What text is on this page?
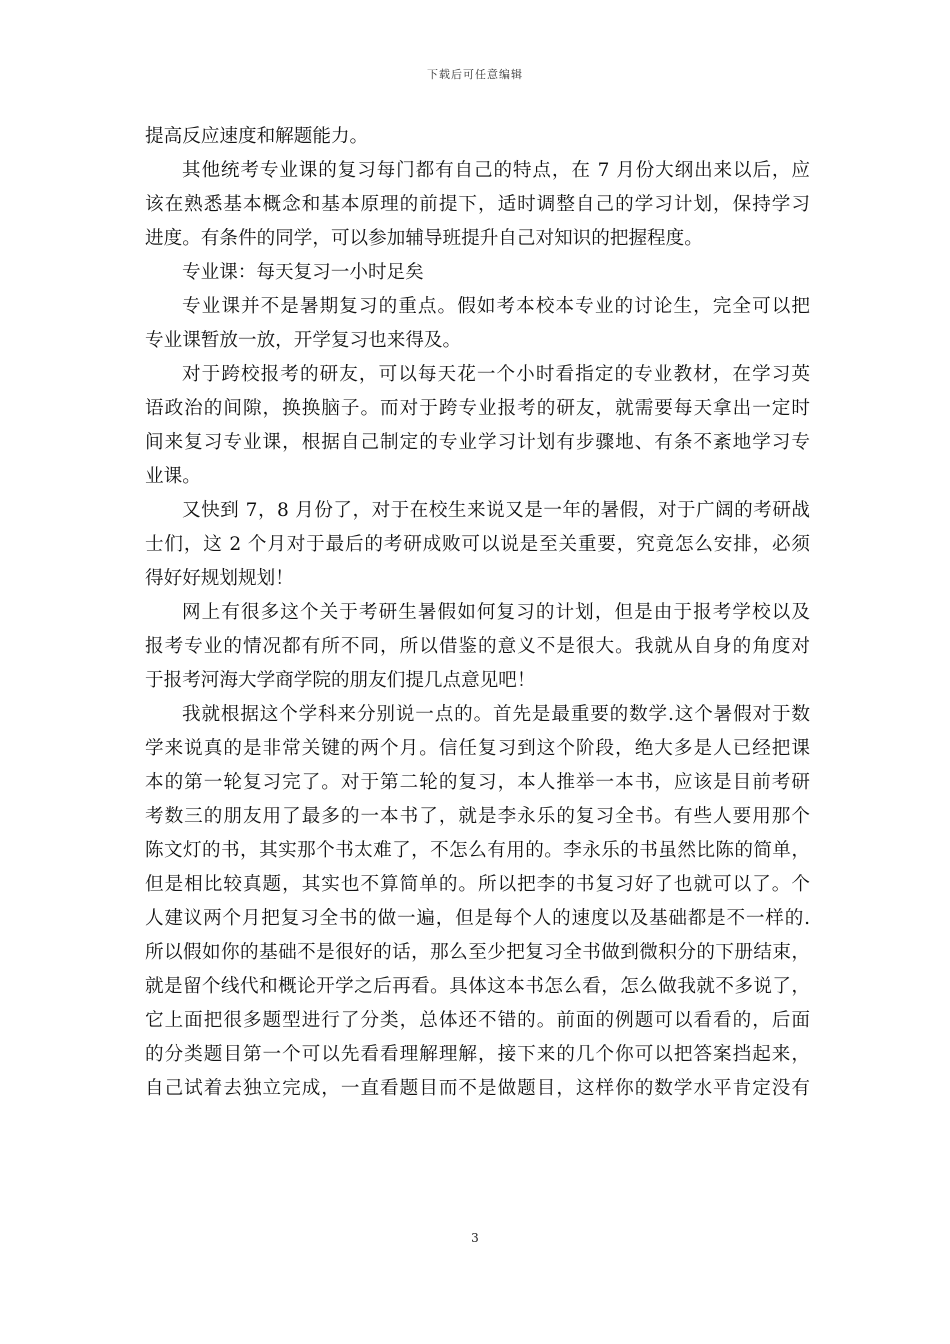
下载后可任意编辑
提高反应速度和解题能力。
其他统考专业课的复习每门都有自己的特点，在 7 月份大纲出来以后，应
该在熟悉基本概念和基本原理的前提下，适时调整自己的学习计划，保持学习
进度。有条件的同学，可以参加辅导班提升自己对知识的把握程度。
专业课：每天复习一小时足矣
专业课并不是暑期复习的重点。假如考本校本专业的讨论生，完全可以把
专业课暂放一放，开学复习也来得及。
对于跨校报考的研友，可以每天花一个小时看指定的专业教材，在学习英
语政治的间隙，换换脑子。而对于跨专业报考的研友，就需要每天拿出一定时
间来复习专业课，根据自己制定的专业学习计划有步骤地、有条不紊地学习专
业课。
又快到 7，8 月份了，对于在校生来说又是一年的暑假，对于广阔的考研战
士们，这 2 个月对于最后的考研成败可以说是至关重要，究竟怎么安排，必须
得好好规划规划！
网上有很多这个关于考研生暑假如何复习的计划，但是由于报考学校以及
报考专业的情况都有所不同，所以借鉴的意义不是很大。我就从自身的角度对
于报考河海大学商学院的朋友们提几点意见吧！
我就根据这个学科来分别说一点的。首先是最重要的数学.这个暑假对于数
学来说真的是非常关键的两个月。信任复习到这个阶段，绝大多是人已经把课
本的第一轮复习完了。对于第二轮的复习，本人推举一本书，应该是目前考研
考数三的朋友用了最多的一本书了，就是李永乐的复习全书。有些人要用那个
陈文灯的书，其实那个书太难了，不怎么有用的。李永乐的书虽然比陈的简单，
但是相比较真题，其实也不算简单的。所以把李的书复习好了也就可以了。个
人建议两个月把复习全书的做一遍，但是每个人的速度以及基础都是不一样的.
所以假如你的基础不是很好的话，那么至少把复习全书做到微积分的下册结束，
就是留个线代和概论开学之后再看。具体这本书怎么看，怎么做我就不多说了，
它上面把很多题型进行了分类，总体还不错的。前面的例题可以看看的，后面
的分类题目第一个可以先看看理解理解，接下来的几个你可以把答案挡起来，
自己试着去独立完成，一直看题目而不是做题目，这样你的数学水平肯定没有
3
